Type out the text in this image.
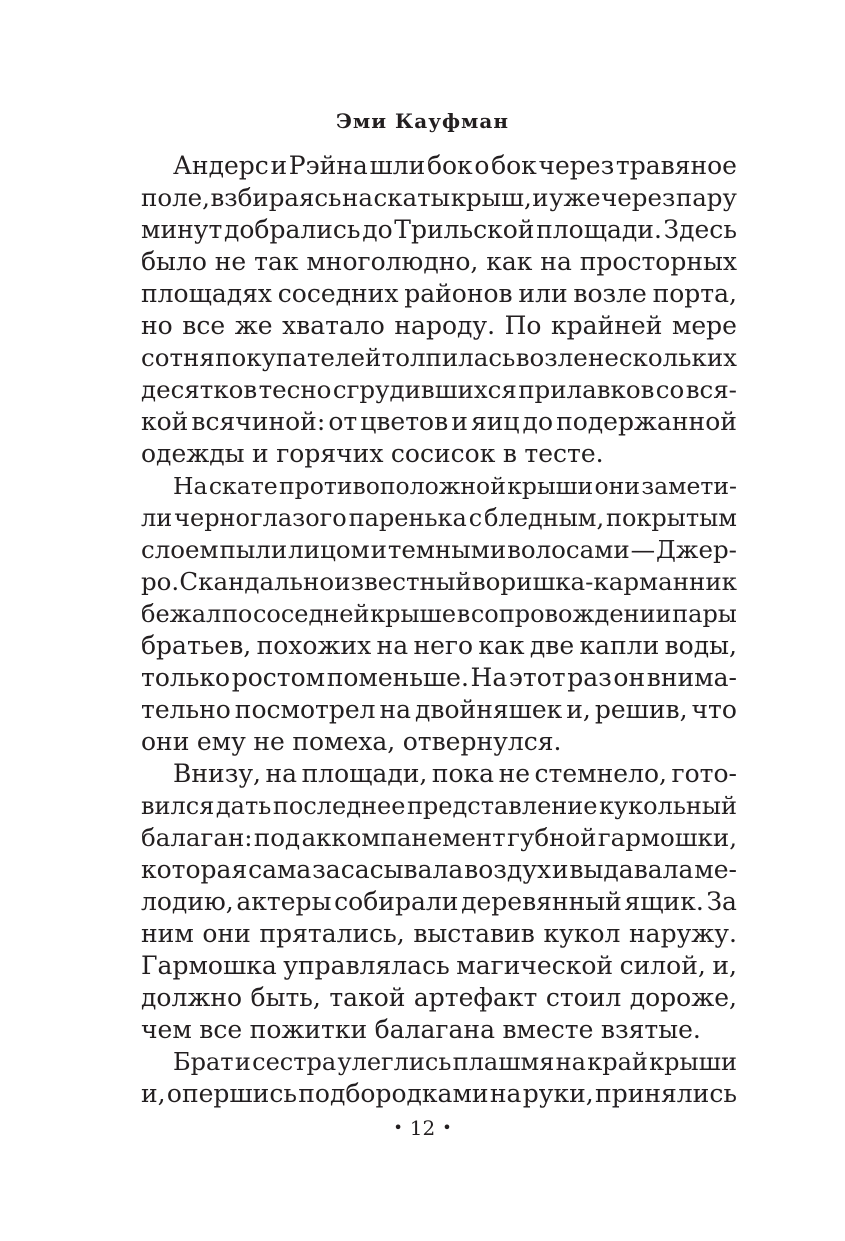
Эми Кауфман
Андерс и Рэйна шли бок о бок через травяное
поле, взбираясь на скаты крыш, и уже через пару
минут добрались до Трильской площади. Здесь
было не так многолюдно, как на просторных
площадях соседних районов или возле порта,
но все же хватало народу. По крайней мере
сотня покупателей толпилась возле нескольких
десятков тесно сгрудившихся прилавков со вся-
кой всячиной: от цветов и яиц до подержанной
одежды и горячих сосисок в тесте.
На скате противоположной крыши они замети-
ли черноглазого паренька с бледным, покрытым
слоем пыли лицом и темными волосами — Джер-
ро. Скандально известный воришка-карманник
бежал по соседней крыше в сопровождении пары
братьев, похожих на него как две капли воды,
только ростом поменьше. На этот раз он внима-
тельно посмотрел на двойняшек и, решив, что
они ему не помеха, отвернулся.
Внизу, на площади, пока не стемнело, гото-
вился дать последнее представление кукольный
балаган: под аккомпанемент губной гармошки,
которая сама засасывала воздух и выдавала ме-
лодию, актеры собирали деревянный ящик. За
ним они прятались, выставив кукол наружу.
Гармошка управлялась магической силой, и,
должно быть, такой артефакт стоил дороже,
чем все пожитки балагана вместе взятые.
Брат и сестра улеглись плашмя на край крыши
и, опершись подбородками на руки, принялись

• 12 •
